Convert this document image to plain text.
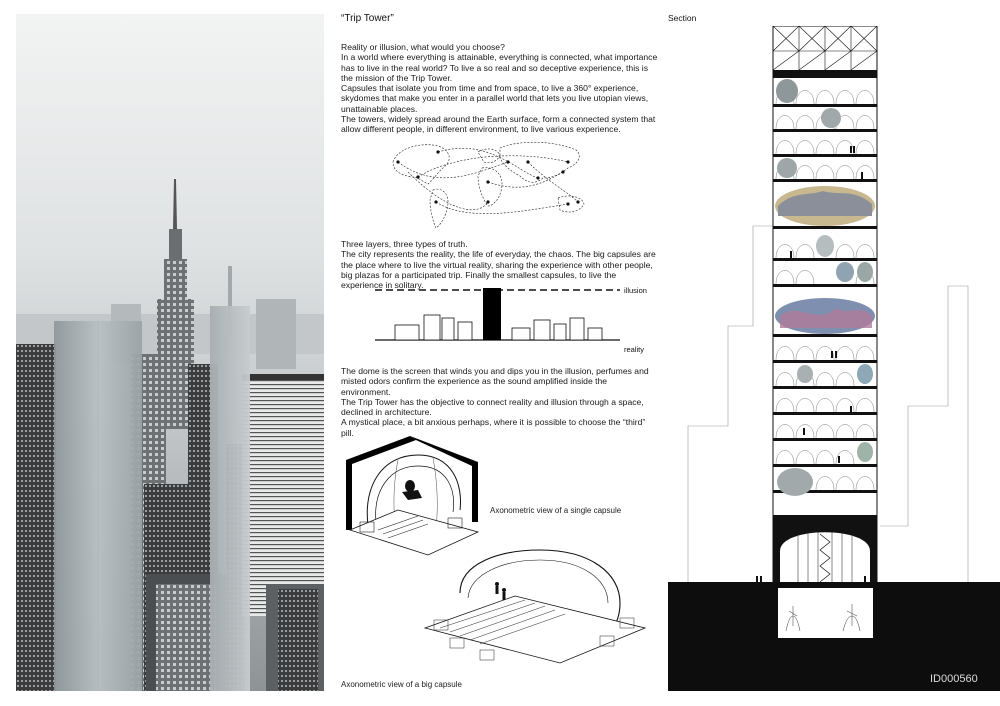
“Trip Tower”

Reality or illusion, what would you choose?

In a world where everything is attainable, everything is connected, what importance has to live in the real world? To live a so real and so deceptive experience, this is the mission of the Trip Tower.

Capsules that isolate you from time and from space, to live a 360° experience, skydomes that make you enter in a parallel world that lets you live utopian views, unattainable places.

The towers, widely spread around the Earth surface, form a connected system that allow different people, in different environment, to live various experience.

Three layers, three types of truth.

The city represents the reality, the life of everyday, the chaos. The big capsules are the place where to live the virtual reality, sharing the experience with other people, big plazas for a participated trip. Finally the smallest capsules, to live the experience in solitary.

illusion
reality

The dome is the screen that winds you and dips you in the illusion, perfumes and misted odors confirm the experience as the sound amplified inside the environment.

The Trip Tower has the objective to connect reality and illusion through a space, declined in architecture.

A mystical place, a bit anxious perhaps, where it is possible to choose the “third” pill.

Axonometric view of a single capsule
Axonometric view of a big capsule
Section
ID000560
